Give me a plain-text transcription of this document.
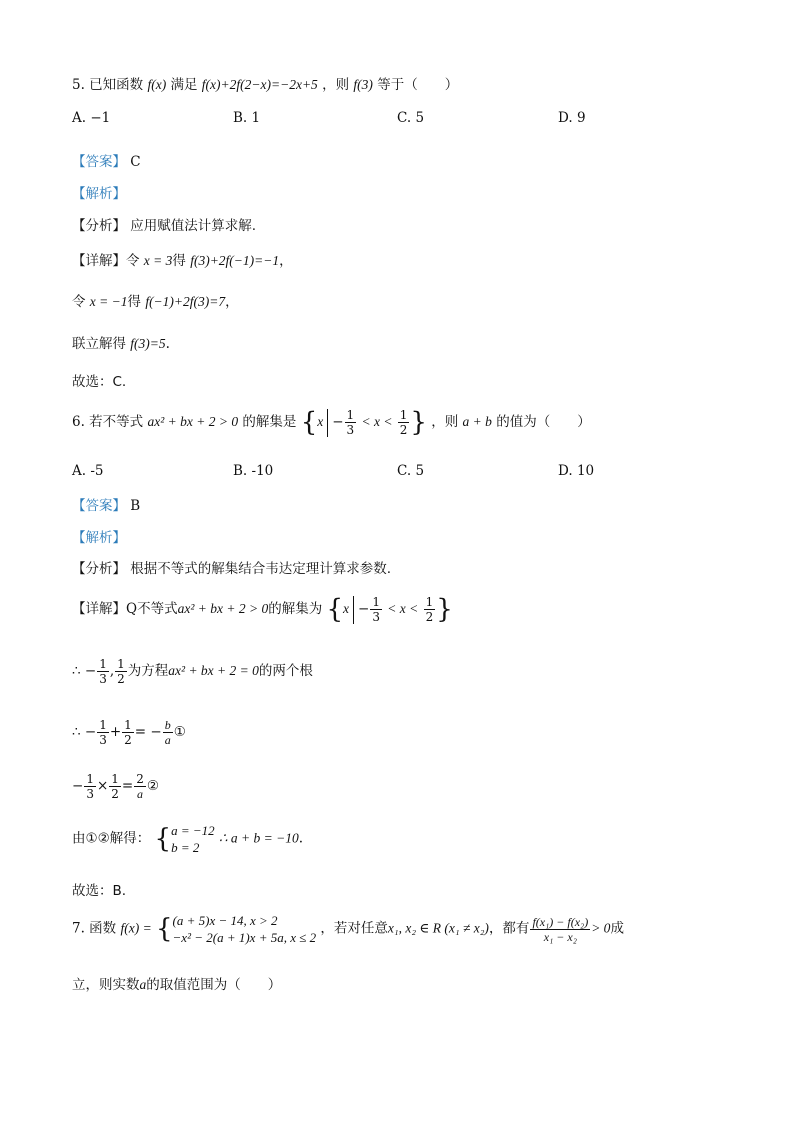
5. 已知函数 f(x) 满足 f(x)+2f(2−x)=−2x+5 ，则 f(3) 等于（　　）
A. −1	B. 1	C. 5	D. 9
【答案】 C
【解析】
【分析】 应用赋值法计算求解.
【详解】令 x = 3得 f(3)+2f(−1)=−1，
令 x = −1得 f(−1)+2f(3)=7，
联立解得 f(3)=5.
故选：C.
6. 若不等式 ax² + bx + 2 > 0 的解集是 {$x - \frac{1}{3} < x < \frac{1}{2}$ } ，则 a + b 的值为（　　）
A. -5	B. -10	C. 5	D. 10
【答案】 B
【解析】
【分析】 根据不等式的解集结合韦达定理计算求参数.
【详解】Q不等式ax² + bx + 2 > 0的解集为 {$x - \frac{1}{3} < x < \frac{1}{2}$ }
∴ − $\frac{1}{3}$ , $\frac{1}{2}$ 为方程ax² + bx + 2 = 0的两个根
∴ − $\frac{1}{3} + \frac{1}{2}$ = − $\frac{b}{a}$ ①
− $\frac{1}{3} \times \frac{1}{2} = \frac{2}{a}$ ②
由①②解得： { a = −12
b = 2
∴ a + b = −10.
故选：B.
7. 函数 f(x) = { (a + 5)x − 14, x > 2
−x² − 2(a + 1)x + 5a, x ≤ 2
，若对任意x₁, x₂ ∈ R (x₁ ≠ x₂)，都有 $\frac{\text{f(x₁) − f(x₂)}}{\text{x₁ − x₂}} > 0$成
立，则实数a的取值范围为（　　）
